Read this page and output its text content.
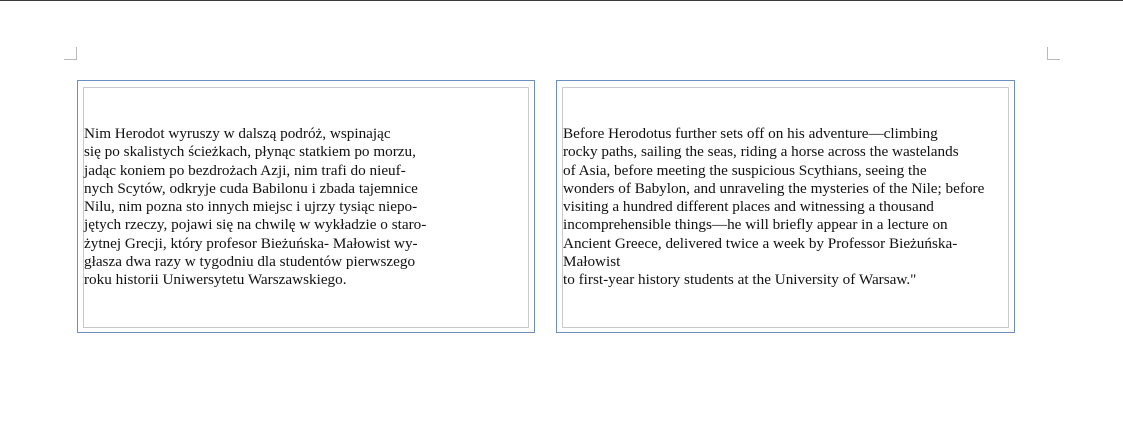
Nim Herodot wyruszy w dalszą podróż, wspinając
się po skalistych ścieżkach, płynąc statkiem po morzu,
jadąc koniem po bezdrożach Azji, nim trafi do nieuf-
nych Scytów, odkryje cuda Babilonu i zbada tajemnice
Nilu, nim pozna sto innych miejsc i ujrzy tysiąc niepo-
jętych rzeczy, pojawi się na chwilę w wykładzie o staro-
żytnej Grecji, który profesor Bieżuńska- Małowist wy-
głasza dwa razy w tygodniu dla studentów pierwszego
roku historii Uniwersytetu Warszawskiego.

Before Herodotus further sets off on his adventure—climbing
rocky paths, sailing the seas, riding a horse across the wastelands
of Asia, before meeting the suspicious Scythians, seeing the
wonders of Babylon, and unraveling the mysteries of the Nile; before
visiting a hundred different places and witnessing a thousand
incomprehensible things—he will briefly appear in a lecture on
Ancient Greece, delivered twice a week by Professor Bieżuńska-
Małowist
to first-year history students at the University of Warsaw."
